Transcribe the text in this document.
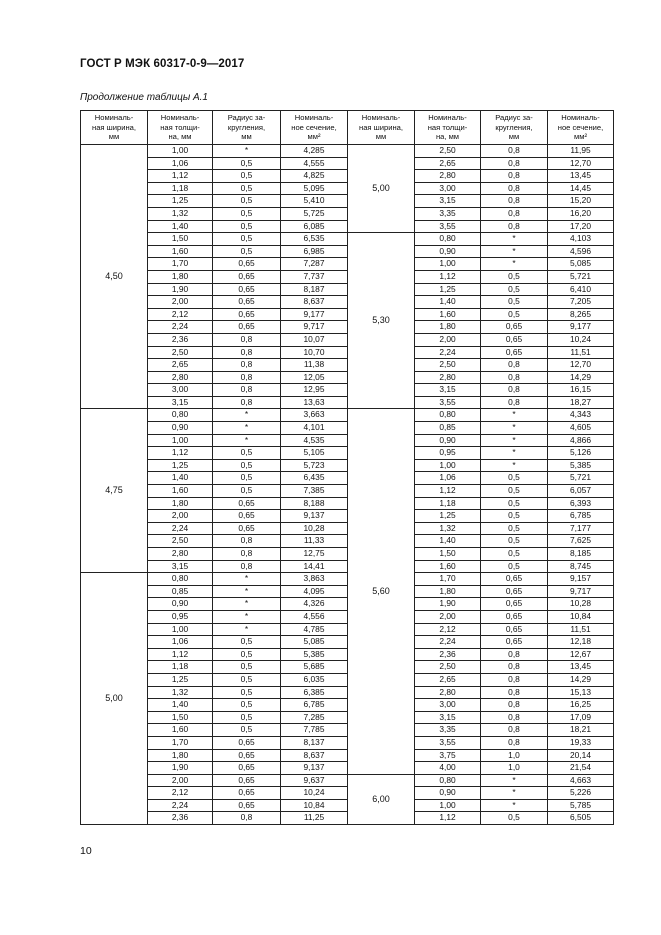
ГОСТ Р МЭК 60317-0-9—2017
Продолжение таблицы А.1
Номиналь-
ная ширина,
мм	Номиналь-
ная толщи-
на, мм	Радиус за-
кругления,
мм	Номиналь-
ное сечение,
мм²	Номиналь-
ная ширина,
мм	Номиналь-
ная толщи-
на, мм	Радиус за-
кругления,
мм	Номиналь-
ное сечение,
мм²
4,50	1,00	*	4,285	5,00	2,50	0,8	11,95
	1,06	0,5	4,555		2,65	0,8	12,70
	1,12	0,5	4,825		2,80	0,8	13,45
	1,18	0,5	5,095		3,00	0,8	14,45
	1,25	0,5	5,410		3,15	0,8	15,20
	1,32	0,5	5,725		3,35	0,8	16,20
	1,40	0,5	6,085		3,55	0,8	17,20
	1,50	0,5	6,535	5,30	0,80	*	4,103
	1,60	0,5	6,985		0,90	*	4,596
	1,70	0,65	7,287		1,00	*	5,085
	1,80	0,65	7,737		1,12	0,5	5,721
	1,90	0,65	8,187		1,25	0,5	6,410
	2,00	0,65	8,637		1,40	0,5	7,205
	2,12	0,65	9,177		1,60	0,5	8,265
	2,24	0,65	9,717		1,80	0,65	9,177
	2,36	0,8	10,07		2,00	0,65	10,24
	2,50	0,8	10,70		2,24	0,65	11,51
	2,65	0,8	11,38		2,50	0,8	12,70
	2,80	0,8	12,05		2,80	0,8	14,29
	3,00	0,8	12,95		3,15	0,8	16,15
	3,15	0,8	13,63		3,55	0,8	18,27
4,75	0,80	*	3,663	5,60	0,80	*	4,343
	0,90	*	4,101		0,85	*	4,605
	1,00	*	4,535		0,90	*	4,866
	1,12	0,5	5,105		0,95	*	5,126
	1,25	0,5	5,723		1,00	*	5,385
	1,40	0,5	6,435		1,06	0,5	5,721
	1,60	0,5	7,385		1,12	0,5	6,057
	1,80	0,65	8,188		1,18	0,5	6,393
	2,00	0,65	9,137		1,25	0,5	6,785
	2,24	0,65	10,28		1,32	0,5	7,177
	2,50	0,8	11,33		1,40	0,5	7,625
	2,80	0,8	12,75		1,50	0,5	8,185
	3,15	0,8	14,41		1,60	0,5	8,745
5,00	0,80	*	3,863		1,70	0,65	9,157
	0,85	*	4,095		1,80	0,65	9,717
	0,90	*	4,326		1,90	0,65	10,28
	0,95	*	4,556		2,00	0,65	10,84
	1,00	*	4,785		2,12	0,65	11,51
	1,06	0,5	5,085		2,24	0,65	12,18
	1,12	0,5	5,385		2,36	0,8	12,67
	1,18	0,5	5,685		2,50	0,8	13,45
	1,25	0,5	6,035		2,65	0,8	14,29
	1,32	0,5	6,385		2,80	0,8	15,13
	1,40	0,5	6,785		3,00	0,8	16,25
	1,50	0,5	7,285		3,15	0,8	17,09
	1,60	0,5	7,785		3,35	0,8	18,21
	1,70	0,65	8,137		3,55	0,8	19,33
	1,80	0,65	8,637		3,75	1,0	20,14
	1,90	0,65	9,137		4,00	1,0	21,54
	2,00	0,65	9,637	6,00	0,80	*	4,663
	2,12	0,65	10,24		0,90	*	5,226
	2,24	0,65	10,84		1,00	*	5,785
	2,36	0,8	11,25		1,12	0,5	6,505
10
